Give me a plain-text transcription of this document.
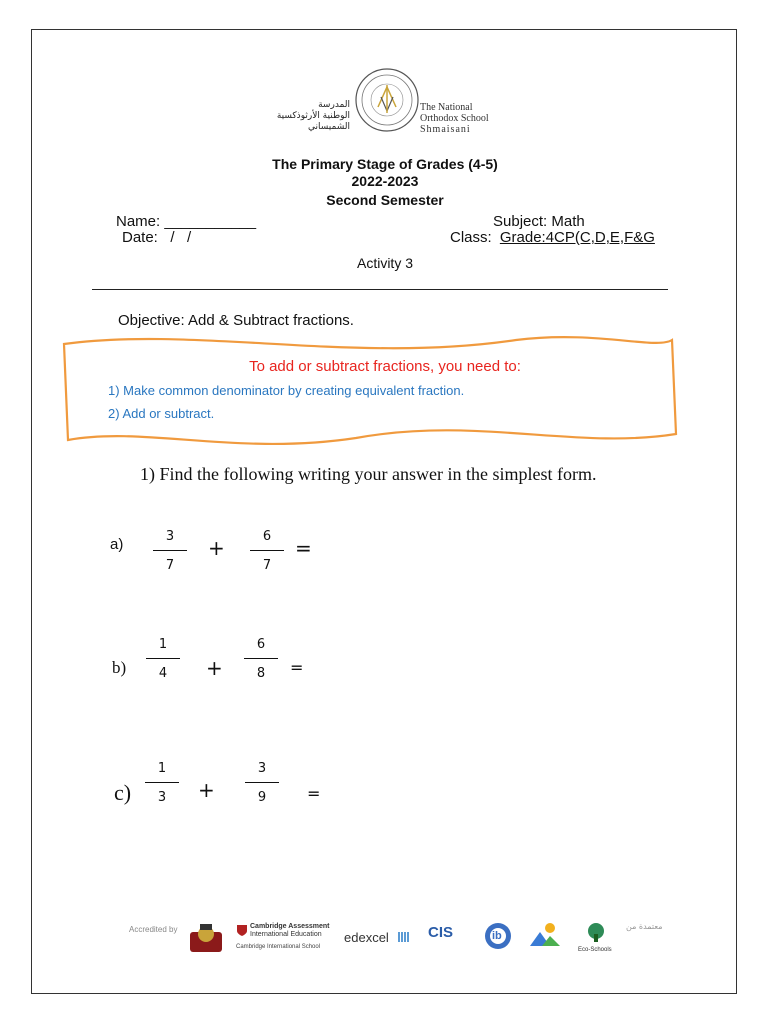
المدرسة
الوطنية الأرثوذكسية
الشميساني
The National
Orthodox School
Shmaisani
The Primary Stage of Grades (4-5)
2022-2023
Second Semester
Name: ___________	Subject: Math
Date:   /   /	Class: Grade:4CP(C,D,E,F&G
Activity 3
Objective: Add & Subtract fractions.
To add or subtract fractions, you need to:
1) Make common denominator by creating equivalent fraction.
2) Add or subtract.
1) Find the following writing your answer in the simplest form.
a)	3
7
+	6
7
=
b)
1
4	+
6
8	=
c)
1
3	+
3
9	=
Accredited by	Cambridge Assessment
International Education
Cambridge International School
edexcel	CIS	ib
Eco-Schools
معتمدة من
